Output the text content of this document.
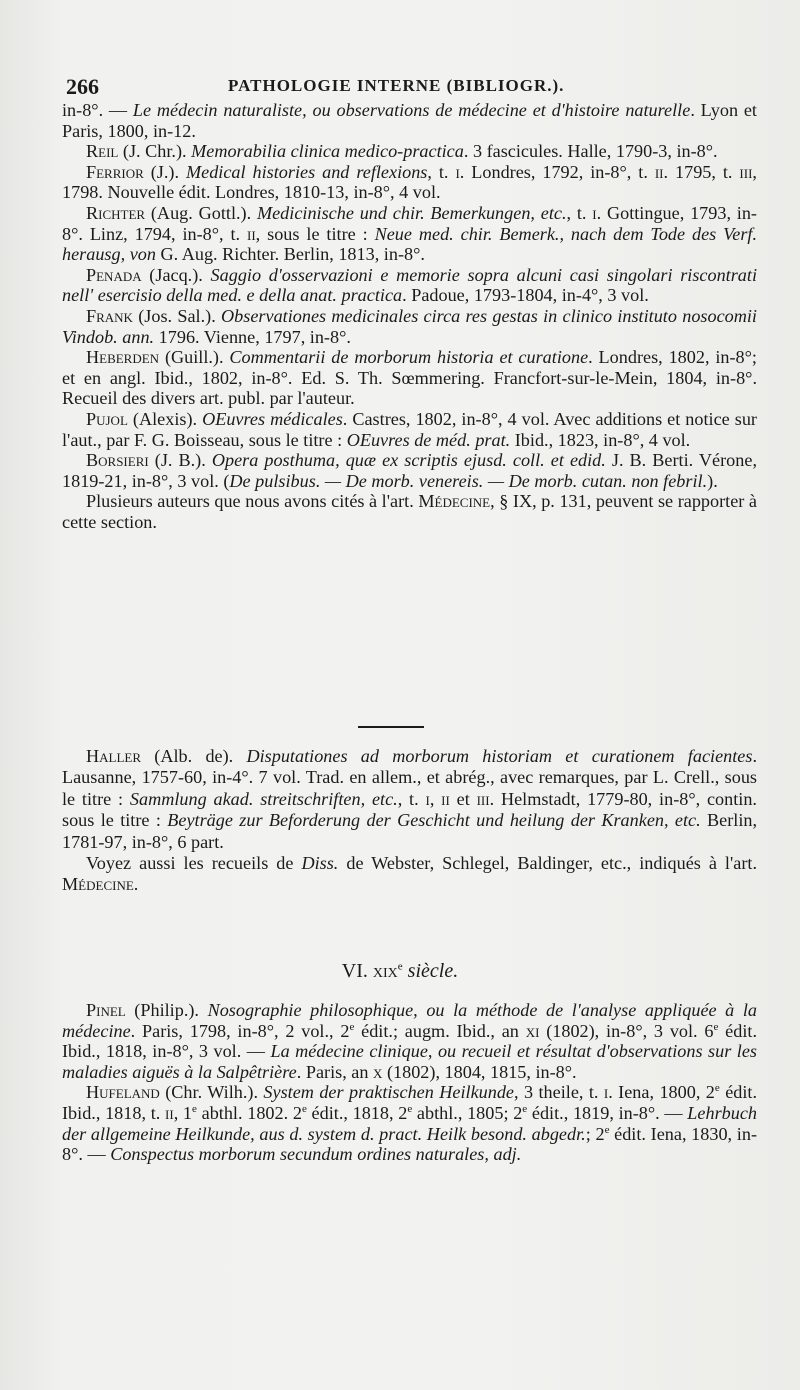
266	PATHOLOGIE INTERNE (BIBLIOGR.).

in-8°. — Le médecin naturaliste, ou observations de médecine et d'histoire naturelle. Lyon et Paris, 1800, in-12.

Reil (J. Chr.). Memorabilia clinica medico-practica. 3 fascicules. Halle, 1790-3, in-8°.

Ferrior (J.). Medical histories and reflexions, t. i. Londres, 1792, in-8°, t. ii. 1795, t. iii, 1798. Nouvelle édit. Londres, 1810-13, in-8°, 4 vol.

Richter (Aug. Gottl.). Medicinische und chir. Bemerkungen, etc., t. i. Gottingue, 1793, in-8°. Linz, 1794, in-8°, t. ii, sous le titre : Neue med. chir. Bemerk., nach dem Tode des Verf. herausg, von G. Aug. Richter. Berlin, 1813, in-8°.

Penada (Jacq.). Saggio d'osservazioni e memorie sopra alcuni casi singolari riscontrati nell' esercisio della med. e della anat. practica. Padoue, 1793-1804, in-4°, 3 vol.

Frank (Jos. Sal.). Observationes medicinales circa res gestas in clinico instituto nosocomii Vindob. ann. 1796. Vienne, 1797, in-8°.

Heberden (Guill.). Commentarii de morborum historia et curatione. Londres, 1802, in-8°; et en angl. Ibid., 1802, in-8°. Ed. S. Th. Sœmmering. Francfort-sur-le-Mein, 1804, in-8°. Recueil des divers art. publ. par l'auteur.

Pujol (Alexis). OEuvres médicales. Castres, 1802, in-8°, 4 vol. Avec additions et notice sur l'aut., par F. G. Boisseau, sous le titre : OEuvres de méd. prat. Ibid., 1823, in-8°, 4 vol.

Borsieri (J. B.). Opera posthuma, quæ ex scriptis ejusd. coll. et edid. J. B. Berti. Vérone, 1819-21, in-8°, 3 vol. (De pulsibus. — De morb. venereis. — De morb. cutan. non febril.).

Plusieurs auteurs que nous avons cités à l'art. Médecine, § IX, p. 131, peuvent se rapporter à cette section.

Haller (Alb. de). Disputationes ad morborum historiam et curationem facientes. Lausanne, 1757-60, in-4°. 7 vol. Trad. en allem., et abrég., avec remarques, par L. Crell., sous le titre : Sammlung akad. streitschriften, etc., t. i, ii et iii. Helmstadt, 1779-80, in-8°, contin. sous le titre : Beyträge zur Beforderung der Geschicht und heilung der Kranken, etc. Berlin, 1781-97, in-8°, 6 part.

Voyez aussi les recueils de Diss. de Webster, Schlegel, Baldinger, etc., indiqués à l'art. Médecine.

VI. xix$^e$ siècle.

Pinel (Philip.). Nosographie philosophique, ou la méthode de l'analyse appliquée à la médecine. Paris, 1798, in-8°, 2 vol., 2e édit.; augm. Ibid., an xi (1802), in-8°, 3 vol. 6e édit. Ibid., 1818, in-8°, 3 vol. — La médecine clinique, ou recueil et résultat d'observations sur les maladies aiguës à la Salpêtrière. Paris, an x (1802), 1804, 1815, in-8°.

Hufeland (Chr. Wilh.). System der praktischen Heilkunde, 3 theile, t. i. Iena, 1800, 2e édit. Ibid., 1818, t. ii, 1e abthl. 1802. 2e édit., 1818, 2e abthl., 1805; 2e édit., 1819, in-8°. — Lehrbuch der allgemeine Heilkunde, aus d. system d. pract. Heilk besond. abgedr.; 2e édit. Iena, 1830, in-8°. — Conspectus morborum secundum ordines naturales, adj.
